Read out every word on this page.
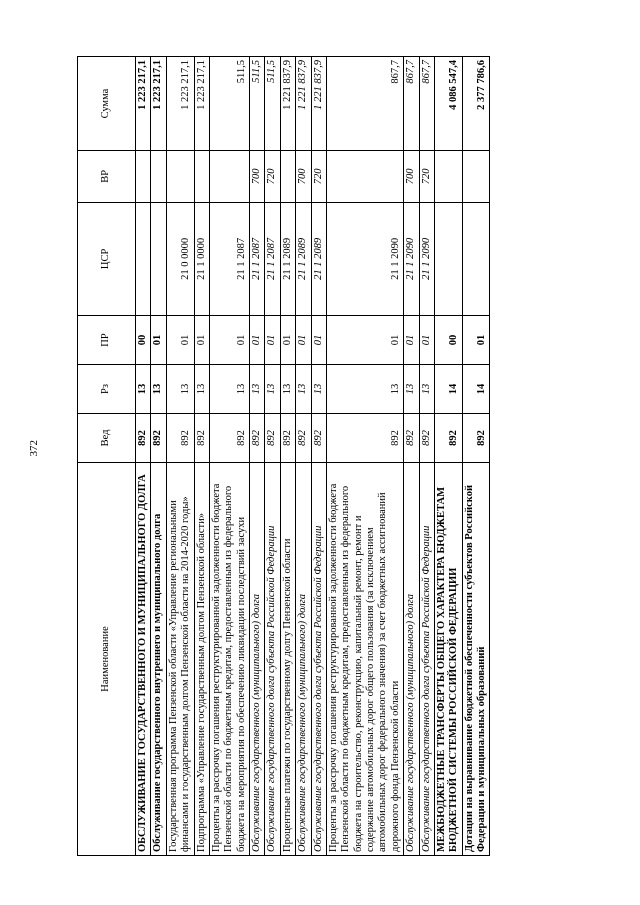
372
Наименование	Вед	Рз	ПР	ЦСР	ВР	Сумма
ОБСЛУЖИВАНИЕ ГОСУДАРСТВЕННОГО И МУНИЦИПАЛЬНОГО ДОЛГА	892	13	00			1 223 217,1
Обслуживание государственного внутреннего и муниципального долга	892	13	01			1 223 217,1
Государственная программа Пензенской области «Управление региональными финансами и государственным долгом Пензенской области на 2014-2020 годы»	892	13	01	21 0 0000		1 223 217,1
Подпрограмма «Управление государственным долгом Пензенской области»	892	13	01	21 1 0000		1 223 217,1
Проценты за рассрочку погашения реструктурированной задолженности бюджета Пензенской области по бюджетным кредитам, предоставленным из федерального бюджета на мероприятия по обеспечению ликвидации последствий засухи	892	13	01	21 1 2087		511,5
Обслуживание государственного (муниципального) долга	892	13	01	21 1 2087	700	511,5
Обслуживание государственного долга субъекта Российской Федерации	892	13	01	21 1 2087	720	511,5
Процентные платежи по государственному долгу Пензенской области	892	13	01	21 1 2089		1 221 837,9
Обслуживание государственного (муниципального) долга	892	13	01	21 1 2089	700	1 221 837,9
Обслуживание государственного долга субъекта Российской Федерации	892	13	01	21 1 2089	720	1 221 837,9
Проценты за рассрочку погашения реструктурированной задолженности бюджета Пензенской области по бюджетным кредитам, предоставленным из федерального бюджета на строительство, реконструкцию, капитальный ремонт, ремонт и содержание автомобильных дорог общего пользования (за исключением автомобильных дорог федерального значения) за счет бюджетных ассигнований дорожного фонда Пензенской области	892	13	01	21 1 2090		867,7
Обслуживание государственного (муниципального) долга	892	13	01	21 1 2090	700	867,7
Обслуживание государственного долга субъекта Российской Федерации	892	13	01	21 1 2090	720	867,7
МЕЖБЮДЖЕТНЫЕ ТРАНСФЕРТЫ ОБЩЕГО ХАРАКТЕРА БЮДЖЕТАМ БЮДЖЕТНОЙ СИСТЕМЫ РОССИЙСКОЙ ФЕДЕРАЦИИ	892	14	00			4 086 547,4
Дотации на выравнивание бюджетной обеспеченности субъектов Российской Федерации и муниципальных образований	892	14	01			2 377 786,6
